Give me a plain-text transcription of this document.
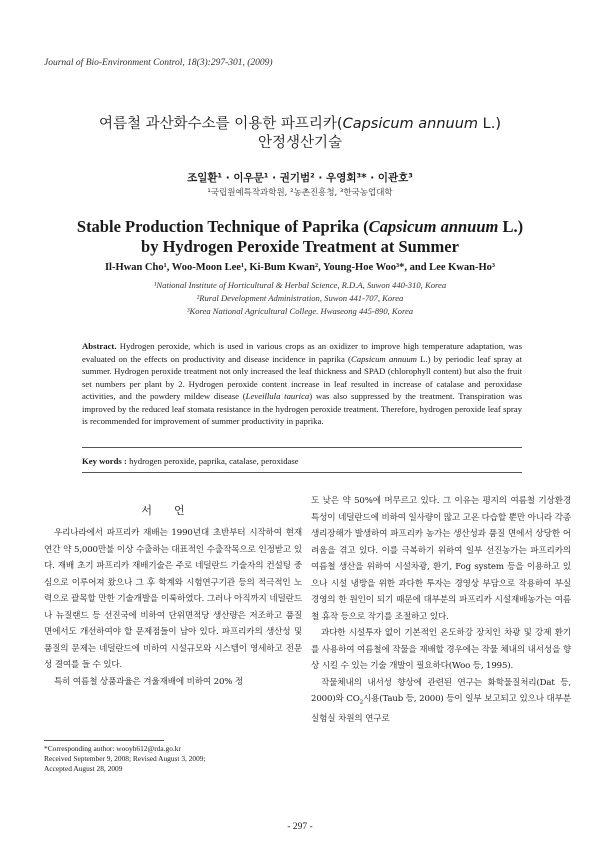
Journal of Bio-Environment Control, 18(3):297-301, (2009)
여름철 과산화수소를 이용한 파프리카(Capsicum annuum L.)
안정생산기술
조일환¹ · 이우문¹ · 권기범² · 우영회³* · 이관호³
¹국립원예특작과학원, ²농촌진흥청, ³한국농업대학
Stable Production Technique of Paprika (Capsicum annuum L.)
by Hydrogen Peroxide Treatment at Summer
Il-Hwan Cho¹, Woo-Moon Lee¹, Ki-Bum Kwan², Young-Hoe Woo³*, and Lee Kwan-Ho³
¹National Institute of Horticultural & Herbal Science, R.D.A, Suwon 440-310, Korea
²Rural Development Administration, Suwon 441-707, Korea
³Korea National Agricultural College. Hwaseong 445-890, Korea
Abstract. Hydrogen peroxide, which is used in various crops as an oxidizer to improve high temperature adaptation, was evaluated on the effects on productivity and disease incidence in paprika (Capsicum annuum L.) by periodic leaf spray at summer. Hydrogen peroxide treatment not only increased the leaf thickness and SPAD (chlorophyll content) but also the fruit set numbers per plant by 2. Hydrogen peroxide content increase in leaf resulted in increase of catalase and peroxidase activities, and the powdery mildew disease (Leveillula taurica) was also suppressed by the treatment. Transpiration was improved by the reduced leaf stomata resistance in the hydrogen peroxide treatment. Therefore, hydrogen peroxide leaf spray is recommended for improvement of summer productivity in paprika.
Key words : hydrogen peroxide, paprika, catalase, peroxidase
서언

우리나라에서 파프리카 재배는 1990년대 초반부터 시작하여 현재 연간 약 5,000만불 이상 수출하는 대표적인 수출작목으로 인정받고 있다. 재배 초기 파프리카 재배기술은 주로 네덜란드 기술자의 컨설팅 중심으로 이루어져 왔으나 그 후 학계와 시험연구기관 등의 적극적인 노력으로 괄목할 만한 기술개발을 이룩하였다. 그러나 아직까지 네덜란드나 뉴질랜드 등 선진국에 비하여 단위면적당 생산량은 저조하고 품질 면에서도 개선하여야 할 문제점들이 남아 있다. 파프리카의 생산성 및 품질의 문제는 네덜란드에 비하여 시설규모와 시스템이 영세하고 전문성 결여를 들 수 있다.

특히 여름철 상품과율은 겨울재배에 비하여 20% 정

도 낮은 약 50%에 머무르고 있다. 그 이유는 평지의 여름철 기상환경 특성이 네덜란드에 비하여 일사량이 많고 고온 다습할 뿐만 아니라 각종 생리장해가 발생하여 파프리카 농가는 생산성과 품질 면에서 상당한 어려움을 겪고 있다. 이를 극복하기 위하여 일부 선진농가는 파프리카의 여름철 생산을 위하여 시설차광, 환기, Fog system 등을 이용하고 있으나 시설 냉방을 위한 과다한 투자는 경영상 부담으로 작용하여 부실 경영의 한 원인이 되기 때문에 대부분의 파프리카 시설재배농가는 여름철 휴작 등으로 작기를 조절하고 있다.

과다한 시설투자 없이 기본적인 온도하강 장치인 차광 및 강제 환기를 사용하여 여름철에 작물을 재배할 경우에는 작물 체내의 내서성을 향상 시킬 수 있는 기술 개발이 필요하다(Woo 등, 1995).

작물체내의 내서성 향상에 관련된 연구는 화학물질처리(Dat 등, 2000)와 $CO_2$시용(Taub 등, 2000) 등이 일부 보고되고 있으나 대부분 실험실 차원의 연구로

*Corresponding author: wooyh612@rda.go.kr
Received September 9, 2008; Revised August 3, 2009;
Accepted August 28, 2009
- 297 -
